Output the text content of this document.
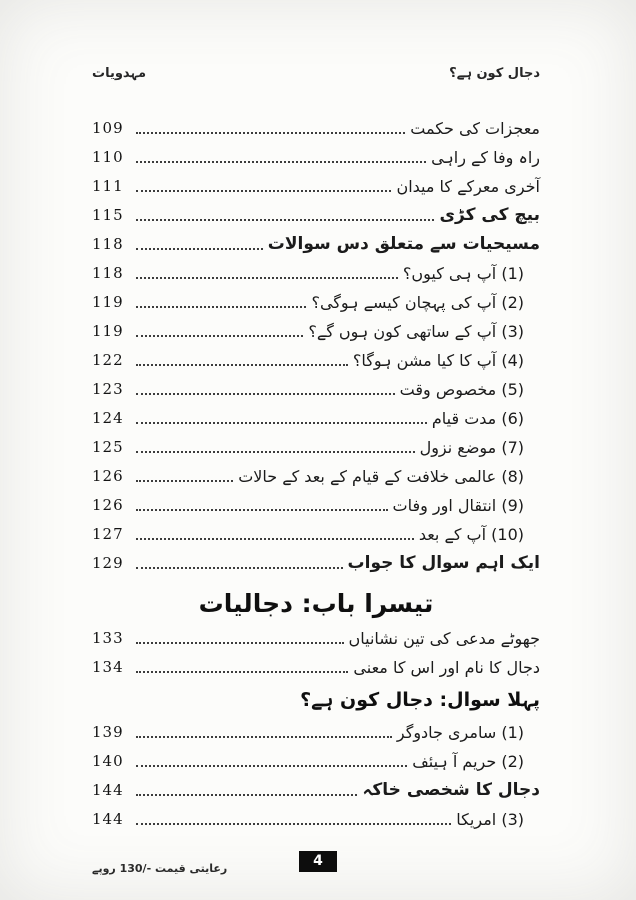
مہدویات	دجال کون ہے؟
معجزات کی حکمت
109
راہ وفا کے راہی
110
آخری معرکے کا میدان
111
بیچ کی کڑی
115
مسیحیات سے متعلق دس سوالات
118
(1) آپ ہی کیوں؟
118
(2) آپ کی پہچان کیسے ہوگی؟
119
(3) آپ کے ساتھی کون ہوں گے؟
119
(4) آپ کا کیا مشن ہوگا؟
122
(5) مخصوص وقت
123
(6) مدت قیام
124
(7) موضع نزول
125
(8) عالمی خلافت کے قیام کے بعد کے حالات
126
(9) انتقال اور وفات
126
(10) آپ کے بعد
127
ایک اہم سوال کا جواب
129
تیسرا باب: دجالیات
جھوٹے مدعی کی تین نشانیاں
133
دجال کا نام اور اس کا معنی
134
پہلا سوال: دجال کون ہے؟
(1) سامری جادوگر
139
(2) حریم آ ہیئف
140
دجال کا شخصی خاکہ
144
(3) امریکا
144
رعایتی قیمت -/130 روپے	4
